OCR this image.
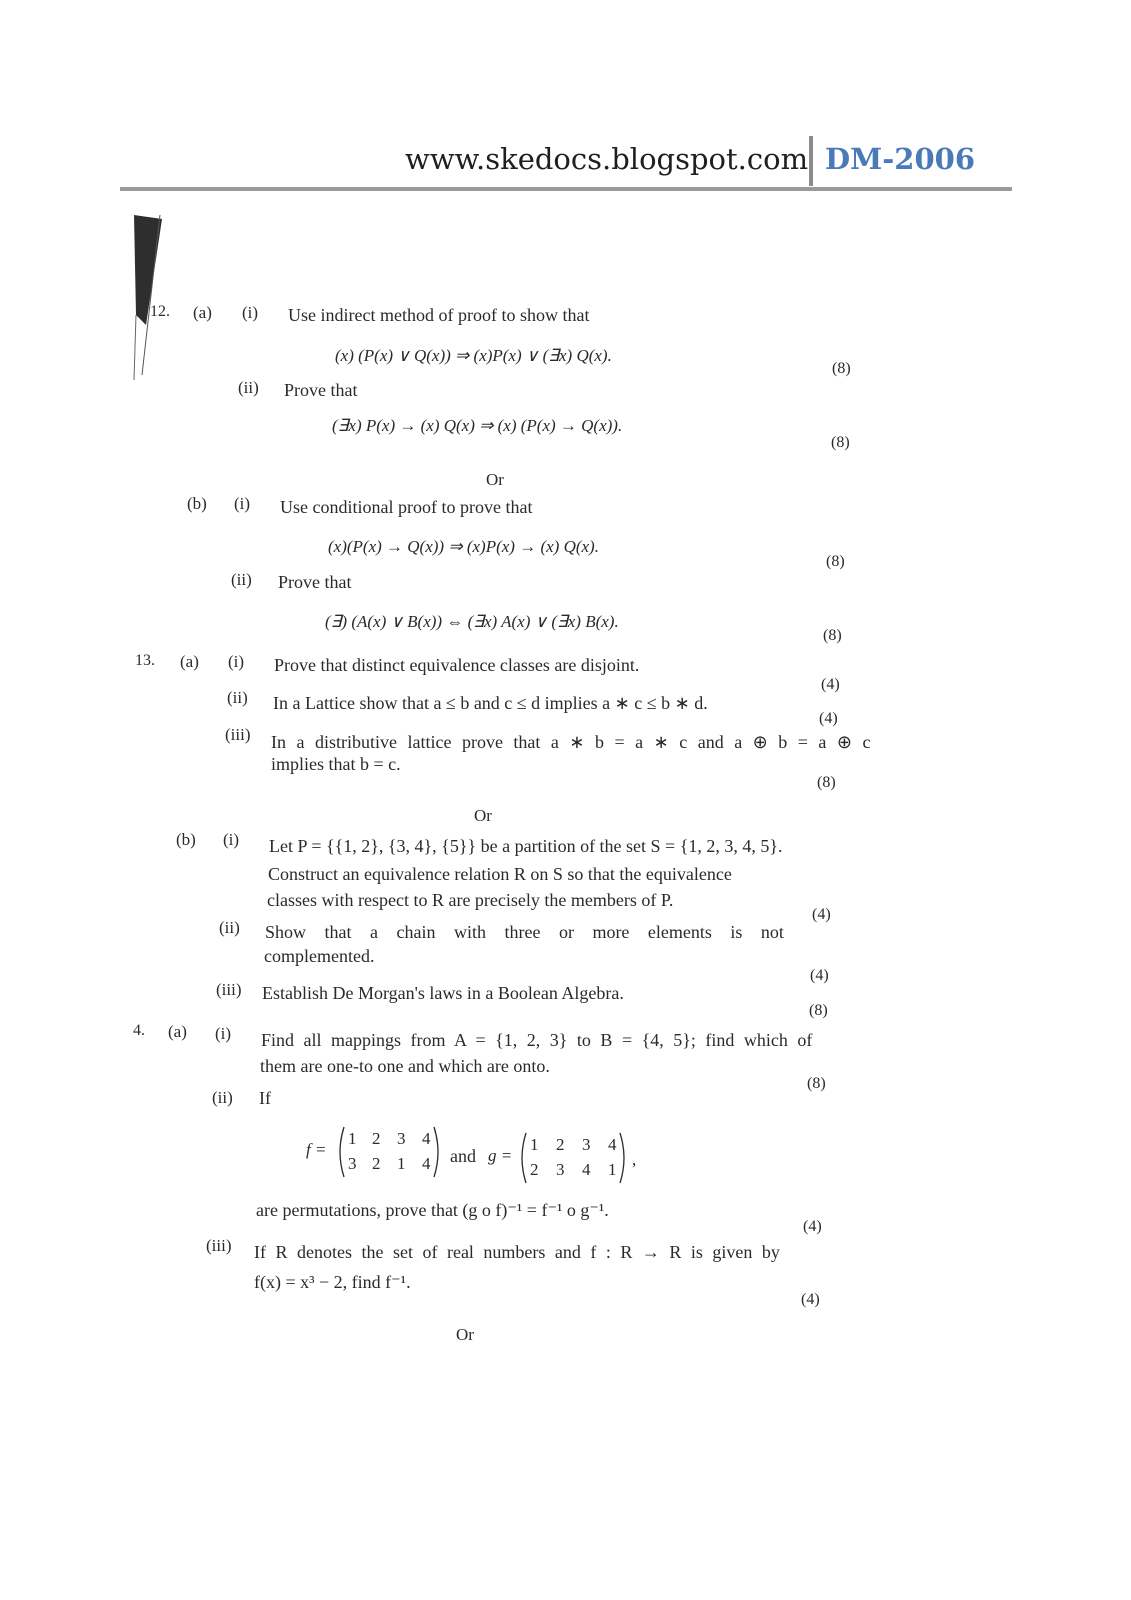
www.skedocs.blogspot.com DM-2006
12. (a) (i) Use indirect method of proof to show that
(x) (P(x) ∨ Q(x)) ⇒ (x)P(x) ∨ (∃x) Q(x).
(8)
(ii) Prove that
(∃x) P(x) → (x) Q(x) ⇒ (x) (P(x) → Q(x)).
(8)
Or
(b) (i) Use conditional proof to prove that
(x)(P(x) → Q(x)) ⇒ (x)P(x) → (x) Q(x).
(8)
(ii) Prove that
(∃) (A(x) ∨ B(x)) ⇔ (∃x) A(x) ∨ (∃x) B(x).
(8)
13. (a) (i) Prove that distinct equivalence classes are disjoint.
(4)
(ii) In a Lattice show that a ≤ b and c ≤ d implies a ∗ c ≤ b ∗ d.
(4)
(iii) In a distributive lattice prove that a ∗ b = a ∗ c and a ⊕ b = a ⊕ c
implies that b = c.
(8)
Or
(b) (i) Let P = {{1, 2}, {3, 4}, {5}} be a partition of the set S = {1, 2, 3, 4, 5}.
Construct an equivalence relation R on S so that the equivalence
classes with respect to R are precisely the members of P.
(4)
(ii) Show that a chain with three or more elements is not
complemented.
(4)
(iii) Establish De Morgan's laws in a Boolean Algebra.
(8)
4. (a) (i) Find all mappings from A = {1, 2, 3} to B = {4, 5}; find which of
them are one-to one and which are onto.
(8)
(ii) If
f =
1 2 3 4
3 2 1 4 and g =
1 2 3 4
2 3 4 1
,
are permutations, prove that (g o f)⁻¹ = f⁻¹ o g⁻¹.
(4)
(iii) If R denotes the set of real numbers and f : R → R is given by
f(x) = x³ − 2, find f⁻¹.
(4)
Or
